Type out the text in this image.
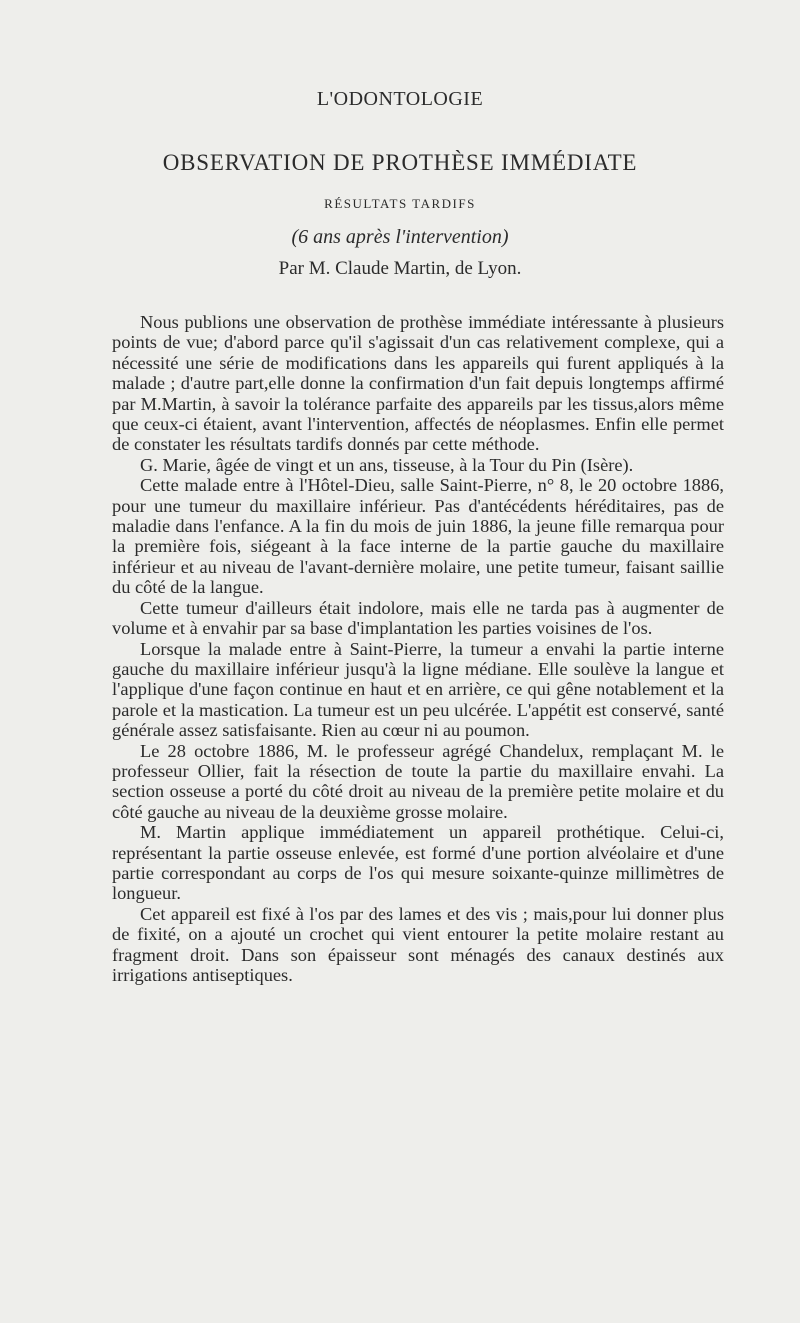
L'ODONTOLOGIE
OBSERVATION DE PROTHÈSE IMMÉDIATE
RÉSULTATS TARDIFS
(6 ans après l'intervention)
Par M. Claude Martin, de Lyon.

Nous publions une observation de prothèse immédiate intéressante à plusieurs points de vue; d'abord parce qu'il s'agissait d'un cas relativement complexe, qui a nécessité une série de modifications dans les appareils qui furent appliqués à la malade ; d'autre part,elle donne la confirmation d'un fait depuis longtemps affirmé par M.Martin, à savoir la tolérance parfaite des appareils par les tissus,alors même que ceux-ci étaient, avant l'intervention, affectés de néoplasmes. Enfin elle permet de constater les résultats tardifs donnés par cette méthode.

G. Marie, âgée de vingt et un ans, tisseuse, à la Tour du Pin (Isère).

Cette malade entre à l'Hôtel-Dieu, salle Saint-Pierre, n° 8, le 20 octobre 1886, pour une tumeur du maxillaire inférieur. Pas d'antécédents héréditaires, pas de maladie dans l'enfance. A la fin du mois de juin 1886, la jeune fille remarqua pour la première fois, siégeant à la face interne de la partie gauche du maxillaire inférieur et au niveau de l'avant-dernière molaire, une petite tumeur, faisant saillie du côté de la langue.

Cette tumeur d'ailleurs était indolore, mais elle ne tarda pas à augmenter de volume et à envahir par sa base d'implantation les parties voisines de l'os.

Lorsque la malade entre à Saint-Pierre, la tumeur a envahi la partie interne gauche du maxillaire inférieur jusqu'à la ligne médiane. Elle soulève la langue et l'applique d'une façon continue en haut et en arrière, ce qui gêne notablement et la parole et la mastication. La tumeur est un peu ulcérée. L'appétit est conservé, santé générale assez satisfaisante. Rien au cœur ni au poumon.

Le 28 octobre 1886, M. le professeur agrégé Chandelux, remplaçant M. le professeur Ollier, fait la résection de toute la partie du maxillaire envahi. La section osseuse a porté du côté droit au niveau de la première petite molaire et du côté gauche au niveau de la deuxième grosse molaire.

M. Martin applique immédiatement un appareil prothétique. Celui-ci, représentant la partie osseuse enlevée, est formé d'une portion alvéolaire et d'une partie correspondant au corps de l'os qui mesure soixante-quinze millimètres de longueur.

Cet appareil est fixé à l'os par des lames et des vis ; mais,pour lui donner plus de fixité, on a ajouté un crochet qui vient entourer la petite molaire restant au fragment droit. Dans son épaisseur sont ménagés des canaux destinés aux irrigations antiseptiques.
